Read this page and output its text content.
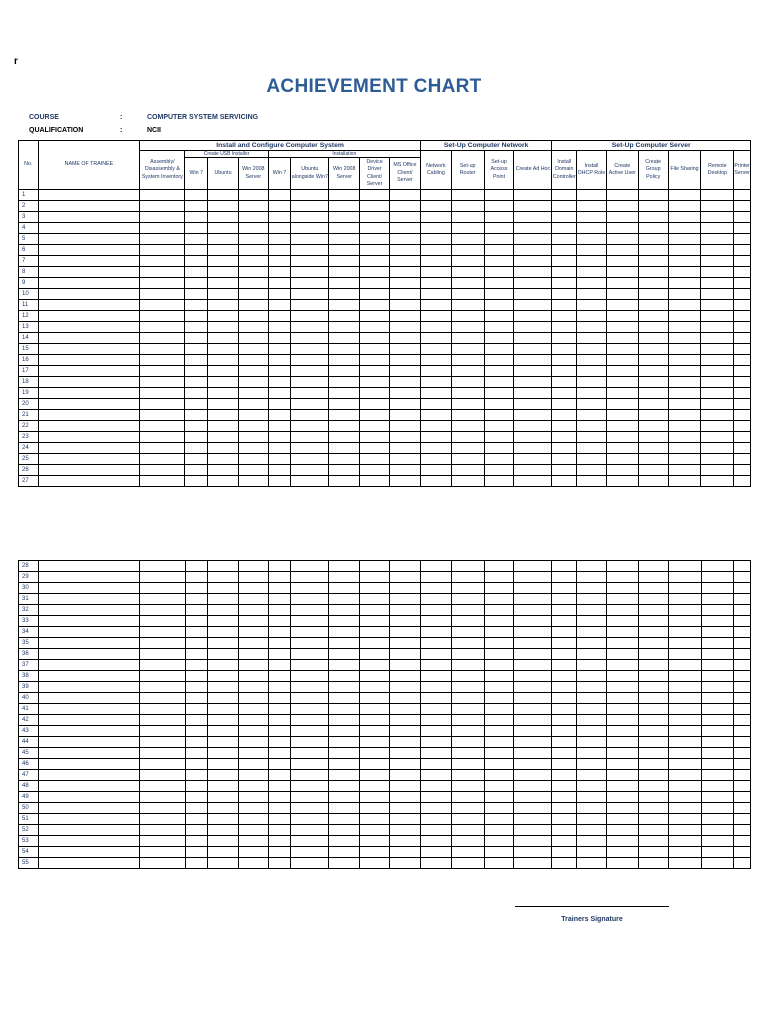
r
ACHIEVEMENT CHART
COURSE	:	COMPUTER SYSTEM SERVICING
QUALIFICATION	:	NCII
No.	NAME OF TRAINEE	Install and Configure Computer System									Set-Up Computer Network				Set-Up Computer Server						
		Assembly/ Disassembly & System Inventory	Create USB Installer			Installation					Network Cabling	Set-up Router	Set-up Access Point	Create Ad Hoc	Install Domain Controller	Install DHCP Role	Create Active User	Create Group Policy	File Sharing	Remote Desktop	Printer Server
			Win 7	Ubuntu	Win 2008 Server	Win 7	Ubuntu alongside Win7	Win 2008 Server	Device Driver Client/ Server	MS Office Client/ Server											
1																					
2																					
3																					
4																					
5																					
6																					
7																					
8																					
9																					
10																					
11																					
12																					
13																					
14																					
15																					
16																					
17																					
18																					
19																					
20																					
21																					
22																					
23																					
24																					
25																					
26																					
27																					
28																					
29																					
30																					
31																					
32																					
33																					
34																					
35																					
36																					
37																					
38																					
39																					
40																					
41																					
42																					
43																					
44																					
45																					
46																					
47																					
48																					
49																					
50																					
51																					
52																					
53																					
54																					
55																					
Trainers Signature
